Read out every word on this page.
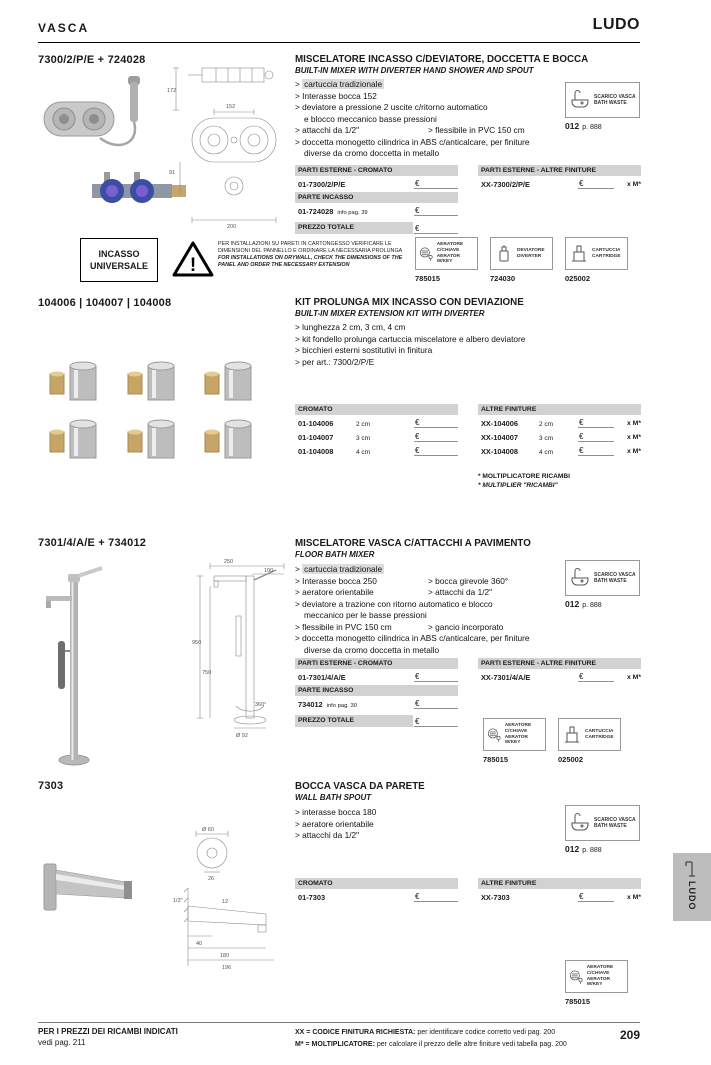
VASCA	LUDO
7300/2/P/E + 724028
172
152
91
200
INCASSO
UNIVERSALE !
PER INSTALLAZIONI SU PARETI IN CARTONGESSO VERIFICARE LE DIMENSIONI DEL PANNELLO E ORDINARE LA NECESSARIA PROLUNGA
FOR INSTALLATIONS ON DRYWALL, CHECK THE DIMENSIONS OF THE PANEL AND ORDER THE NECESSARY EXTENSION
MISCELATORE INCASSO C/DEVIATORE, DOCCETTA E BOCCA
BUILT-IN MIXER WITH DIVERTER HAND SHOWER AND SPOUT
> cartuccia tradizionale
> Interasse bocca 152
> deviatore a pressione 2 uscite c/ritorno automatico
e blocco meccanico basse pressioni
> attacchi da 1/2"	> flessibile in PVC 150 cm
> doccetta monogetto cilindrica in ABS c/anticalcare, per finiture
diverse da cromo doccetta in metallo
SCARICO VASCA
BATH WASTE
012 p. 888
PARTI ESTERNE - CROMATO
01-7300/2/P/E	€
PARTE INCASSO
01-724028 info pag. 39	€
PREZZO TOTALE	€
PARTI ESTERNE - ALTRE FINITURE
XX-7300/2/P/E	€	x M*
AERATORE C/CHIAVE
AERATOR W/KEY
785015
DEVIATORE
DIVERTER
724030
CARTUCCIA
CARTRIDGE
025002
104006 | 104007 | 104008	KIT PROLUNGA MIX INCASSO CON DEVIAZIONE
BUILT-IN MIXER EXTENSION KIT WITH DIVERTER
> lunghezza 2 cm, 3 cm, 4 cm
> kit fondello prolunga cartuccia miscelatore e albero deviatore
> bicchieri esterni sostitutivi in finitura
> per art.: 7300/2/P/E
CROMATO
01-104006	2 cm	€
01-104007	3 cm	€
01-104008	4 cm	€
ALTRE FINITURE
XX-104006	2 cm	€	x M*
XX-104007	3 cm	€	x M*
XX-104008	4 cm	€	x M*
* MOLTIPLICATORE RICAMBI
* MULTIPLIER "RICAMBI"
7301/4/A/E + 734012
250
100
950
750
Ø 92
360°
MISCELATORE VASCA C/ATTACCHI A PAVIMENTO
FLOOR BATH MIXER
> cartuccia tradizionale
> Interasse bocca 250	> bocca girevole 360°
> aeratore orientabile	> attacchi da 1/2"
> deviatore a trazione con ritorno automatico e blocco
meccanico per le basse pressioni
> flessibile in PVC 150 cm	> gancio incorporato
> doccetta monogetto cilindrica in ABS c/anticalcare, per finiture
diverse da cromo doccetta in metallo
SCARICO VASCA
BATH WASTE
012 p. 888
PARTI ESTERNE - CROMATO
01-7301/4/A/E	€
PARTE INCASSO
734012 info pag. 30	€
PREZZO TOTALE	€
PARTI ESTERNE - ALTRE FINITURE
XX-7301/4/A/E	€	x M*
AERATORE C/CHIAVE
AERATOR W/KEY
785015
CARTUCCIA
CARTRIDGE
025002
7303	BOCCA VASCA DA PARETE
WALL BATH SPOUT
> interasse bocca 180
> aeratore orientabile
> attacchi da 1/2"
SCARICO VASCA
BATH WASTE
012 p. 888
Ø 60
26
1/2"	12
40
180
196
CROMATO
01-7303	€
ALTRE FINITURE
XX-7303	€	x M*
AERATORE C/CHIAVE
AERATOR W/KEY
785015
LUDO
PER I PREZZI DEI RICAMBI INDICATI
vedi pag. 211
XX = CODICE FINITURA RICHIESTA: per identificare codice corretto vedi pag. 200
M* = MOLTIPLICATORE: per calcolare il prezzo delle altre finiture vedi tabella pag. 200
209
